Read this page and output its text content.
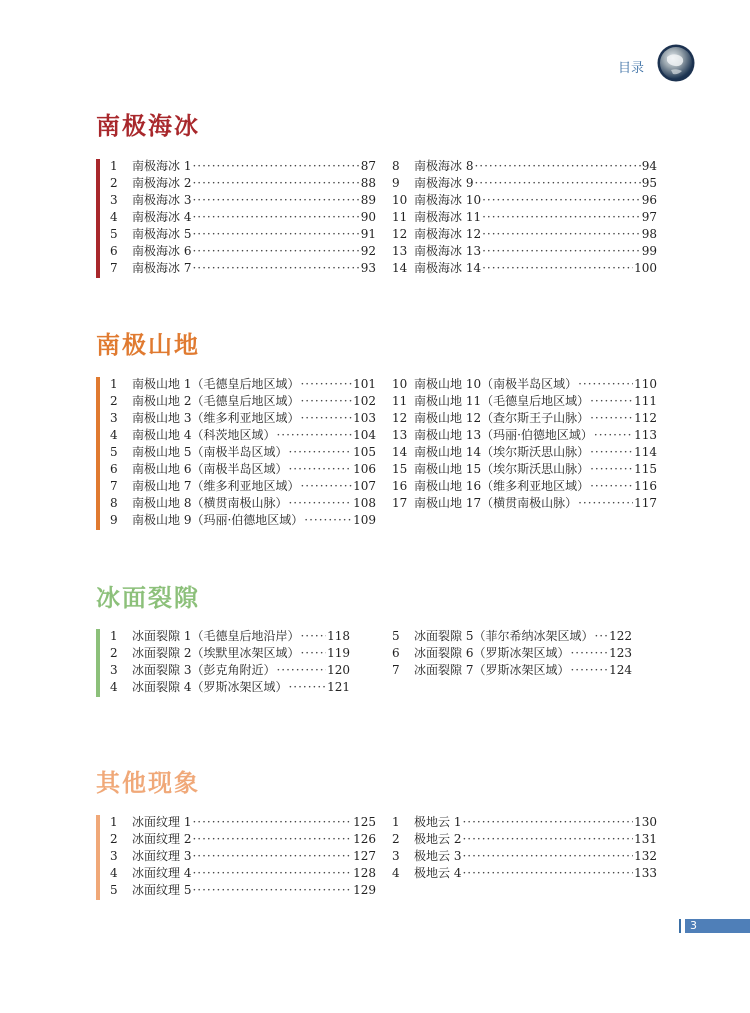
目录
南极海冰
1	南极海冰 1 ·····	87
2	南极海冰 2 ·····	88
3	南极海冰 3 ·····	89
4	南极海冰 4 ·····	90
5	南极海冰 5 ·····	91
6	南极海冰 6 ·····	92
7	南极海冰 7 ·····	93
8	南极海冰 8 ·····	94
9	南极海冰 9 ·····	95
10 南极海冰 10 ·····	96
11 南极海冰 11 ·····	97
12 南极海冰 12 ·····	98
13 南极海冰 13 ·····	99
14 南极海冰 14 ·····	100
南极山地
1	南极山地 1（毛德皇后地区域） ·····	101
2	南极山地 2（毛德皇后地区域） ·····	102
3	南极山地 3（维多利亚地区域） ·····	103
4	南极山地 4（科茨地区域） ·····	104
5	南极山地 5（南极半岛区域） ·····	105
6	南极山地 6（南极半岛区域） ·····	106
7	南极山地 7（维多利亚地区域） ·····	107
8	南极山地 8（横贯南极山脉） ·····	108
9	南极山地 9（玛丽·伯德地区域） ·····	109
10 南极山地 10（南极半岛区域） ·····	110
11 南极山地 11（毛德皇后地区域） ·····	111
12 南极山地 12（查尔斯王子山脉） ·····	112
13 南极山地 13（玛丽·伯德地区域） ·····	113
14 南极山地 14（埃尔斯沃思山脉） ·····	114
15 南极山地 15（埃尔斯沃思山脉） ·····	115
16 南极山地 16（维多利亚地区域） ·····	116
17 南极山地 17（横贯南极山脉） ·····	117
冰面裂隙
1	冰面裂隙 1（毛德皇后地沿岸） ····· 118
2	冰面裂隙 2（埃默里冰架区域） ····· 119
3	冰面裂隙 3（彭克角附近） ·····	120
4	冰面裂隙 4（罗斯冰架区域） ·····	121
5	冰面裂隙 5（菲尔希纳冰架区域） ····· 122
6	冰面裂隙 6（罗斯冰架区域） ·····	123
7	冰面裂隙 7（罗斯冰架区域） ·····	124
其他现象
1	冰面纹理 1 ·····	125
2	冰面纹理 2 ·····	126
3	冰面纹理 3 ·····	127
4	冰面纹理 4 ·····	128
5	冰面纹理 5 ·····	129
1	极地云 1 ·····	130
2	极地云 2 ·····	131
3	极地云 3 ·····	132
4	极地云 4 ·····	133
3
